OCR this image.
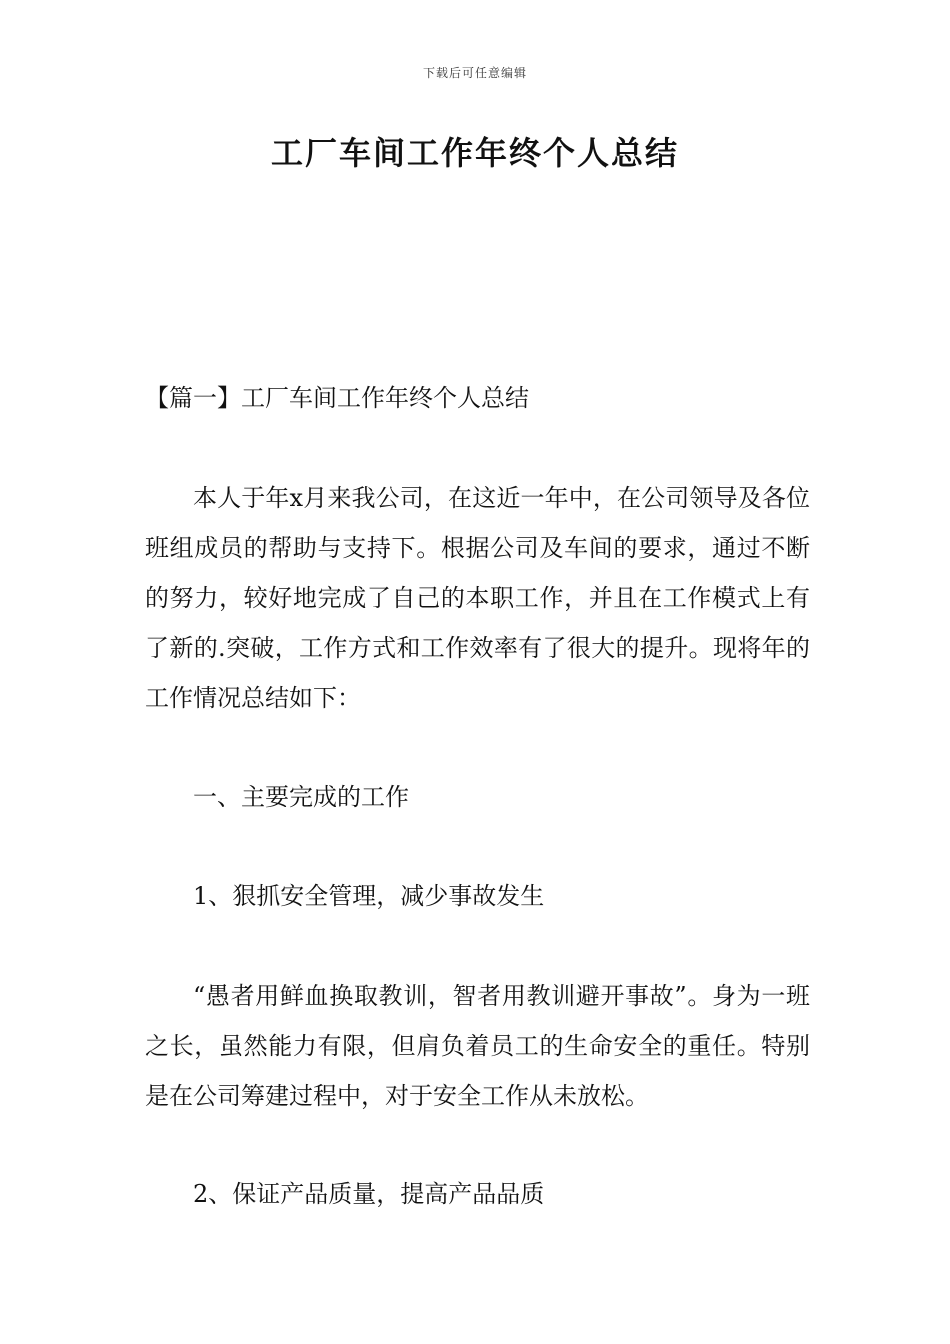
下载后可任意编辑
工厂车间工作年终个人总结

【篇一】工厂车间工作年终个人总结

本人于年x月来我公司，在这近一年中，在公司领导及各位班组成员的帮助与支持下。根据公司及车间的要求，通过不断的努力，较好地完成了自己的本职工作，并且在工作模式上有了新的.突破，工作方式和工作效率有了很大的提升。现将年的工作情况总结如下：

一、主要完成的工作

1、狠抓安全管理，减少事故发生

“愚者用鲜血换取教训，智者用教训避开事故”。身为一班之长，虽然能力有限，但肩负着员工的生命安全的重任。特别是在公司筹建过程中，对于安全工作从未放松。

2、保证产品质量，提高产品品质
